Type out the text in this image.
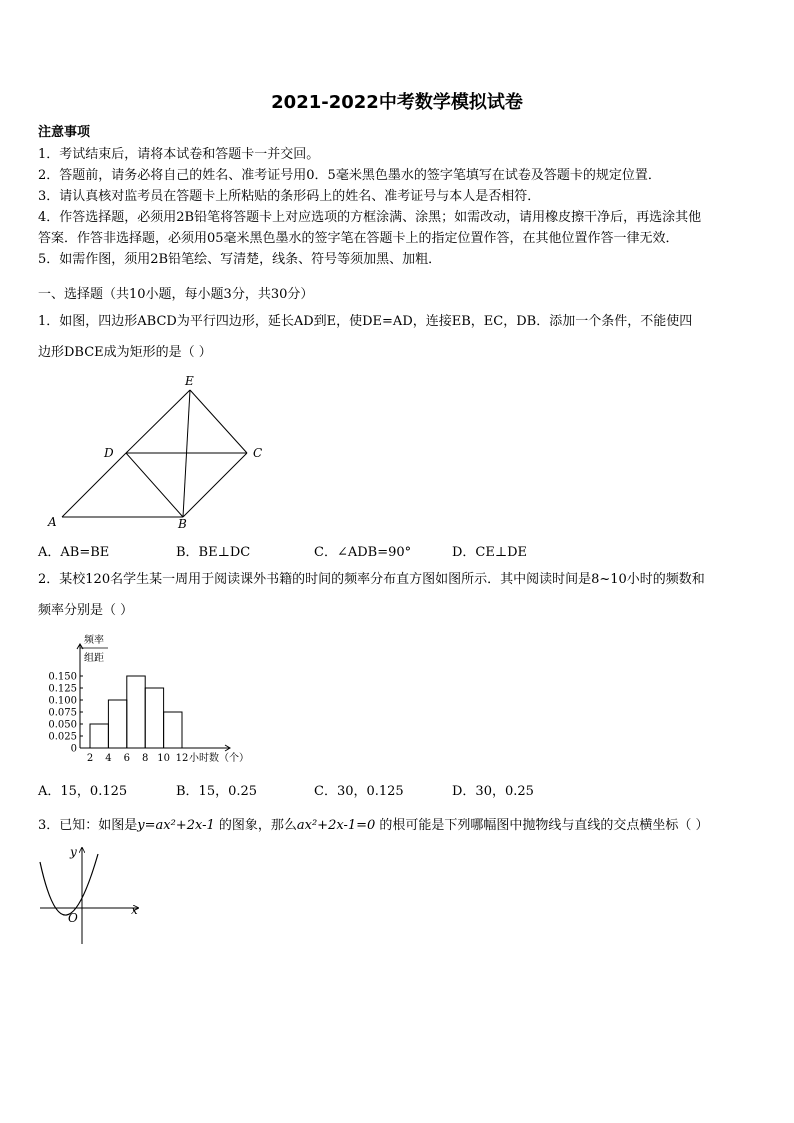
2021-2022中考数学模拟试卷
注意事项
1．考试结束后，请将本试卷和答题卡一并交回。
2．答题前，请务必将自己的姓名、准考证号用0．5毫米黑色墨水的签字笔填写在试卷及答题卡的规定位置．
3．请认真核对监考员在答题卡上所粘贴的条形码上的姓名、准考证号与本人是否相符．
4．作答选择题，必须用2B铅笔将答题卡上对应选项的方框涂满、涂黑；如需改动，请用橡皮擦干净后，再选涂其他
答案．作答非选择题，必须用05毫米黑色墨水的签字笔在答题卡上的指定位置作答，在其他位置作答一律无效．
5．如需作图，须用2B铅笔绘、写清楚，线条、符号等须加黑、加粗．
一、选择题（共10小题，每小题3分，共30分）
1．如图，四边形ABCD为平行四边形，延长AD到E，使DE=AD，连接EB，EC，DB．添加一个条件，不能使四
边形DBCE成为矩形的是（ ）
E
D	C
A	B
A．AB=BE	B．BE⊥DC	C．∠ADB=90°	D．CE⊥DE
2．某校120名学生某一周用于阅读课外书籍的时间的频率分布直方图如图所示．其中阅读时间是8~10小时的频数和
频率分别是（ ）
频率
组距
0
0.025
0.050
0.075
0.100
0.125
0.150
2 4 6 8 10 12 小时数（个）
A．15，0.125	B．15，0.25	C．30，0.125	D．30，0.25
3．已知：如图是y=ax²+2x-1 的图象，那么ax²+2x-1=0 的根可能是下列哪幅图中抛物线与直线的交点横坐标（ ）
y
x
O
